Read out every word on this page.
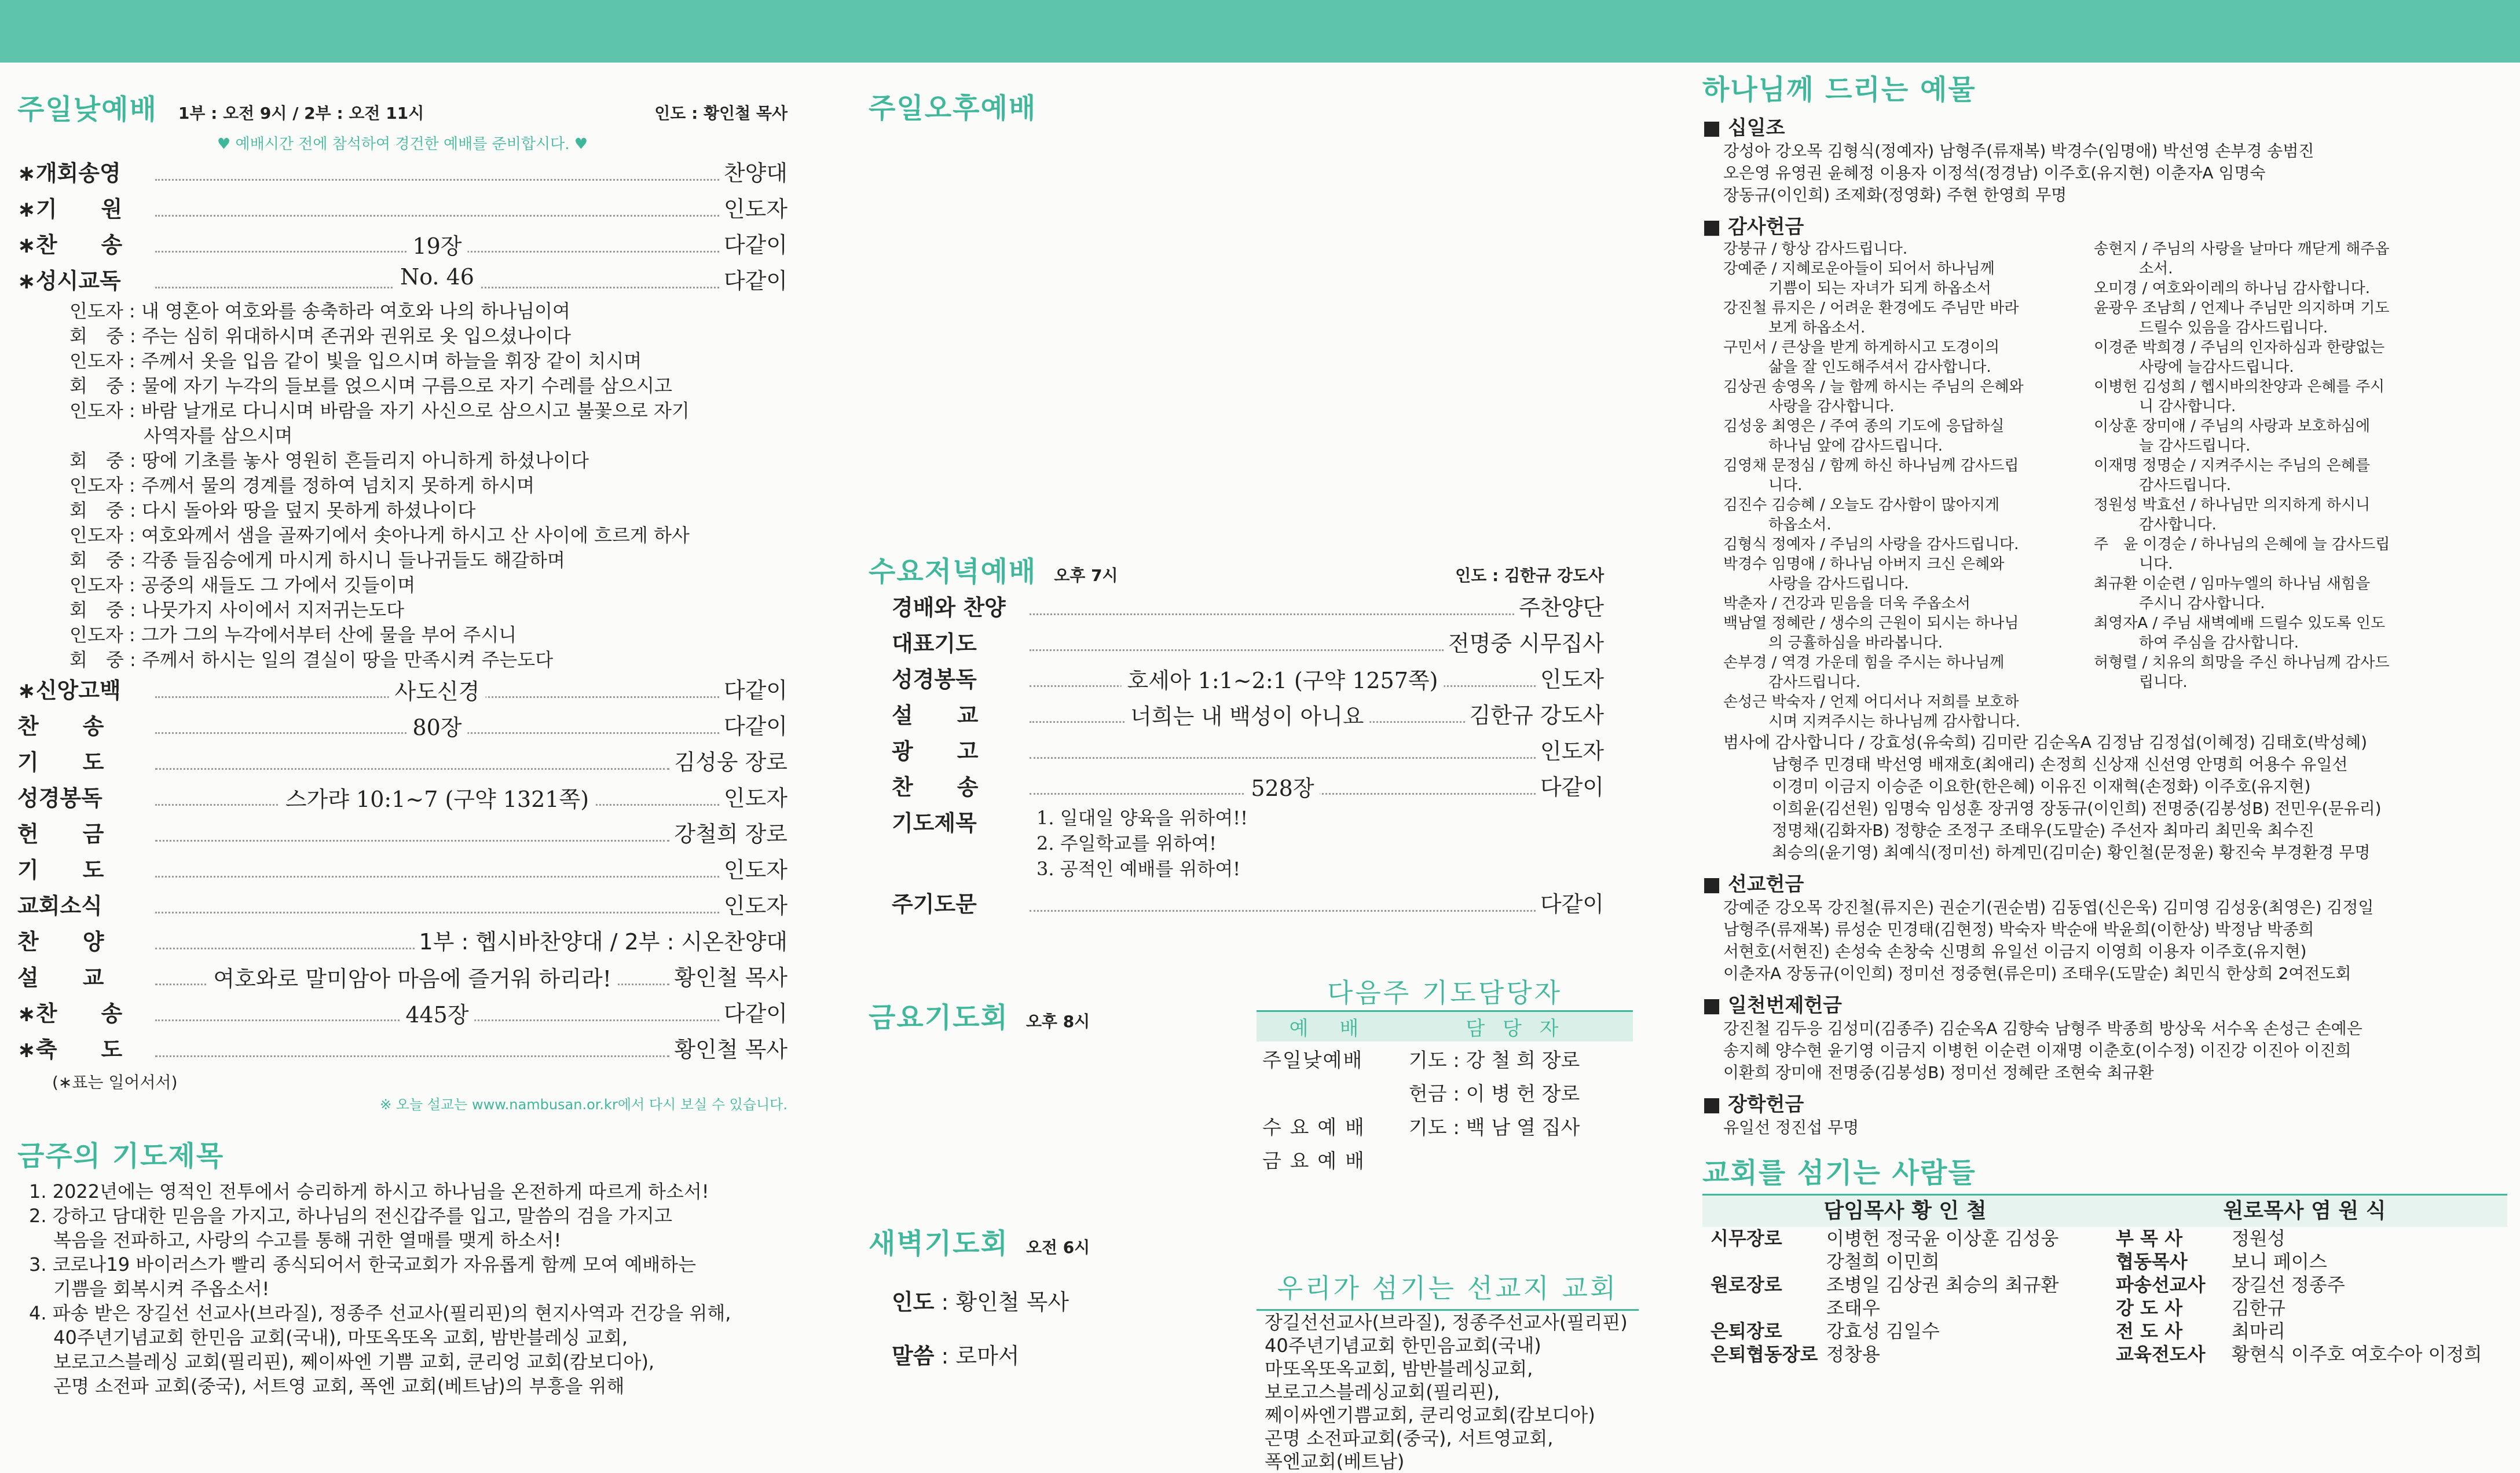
주일낮예배 1부 : 오전 9시 / 2부 : 오전 11시	인도 : 황인철 목사
♥ 예배시간 전에 참석하여 경건한 예배를 준비합시다. ♥
∗개회송영	찬양대
∗기　　원	인도자
∗찬　　송	19장	다같이
∗성시교독	No. 46	다같이
인도자 : 내 영혼아 여호와를 송축하라 여호와 나의 하나님이여
회　중 : 주는 심히 위대하시며 존귀와 권위로 옷 입으셨나이다
인도자 : 주께서 옷을 입음 같이 빛을 입으시며 하늘을 휘장 같이 치시며
회　중 : 물에 자기 누각의 들보를 얹으시며 구름으로 자기 수레를 삼으시고
인도자 : 바람 날개로 다니시며 바람을 자기 사신으로 삼으시고 불꽃으로 자기
　　　　사역자를 삼으시며
회　중 : 땅에 기초를 놓사 영원히 흔들리지 아니하게 하셨나이다
인도자 : 주께서 물의 경계를 정하여 넘치지 못하게 하시며
회　중 : 다시 돌아와 땅을 덮지 못하게 하셨나이다
인도자 : 여호와께서 샘을 골짜기에서 솟아나게 하시고 산 사이에 흐르게 하사
회　중 : 각종 들짐승에게 마시게 하시니 들나귀들도 해갈하며
인도자 : 공중의 새들도 그 가에서 깃들이며
회　중 : 나뭇가지 사이에서 지저귀는도다
인도자 : 그가 그의 누각에서부터 산에 물을 부어 주시니
회　중 : 주께서 하시는 일의 결실이 땅을 만족시켜 주는도다
∗신앙고백	사도신경	다같이
찬　　송	80장	다같이
기　　도	김성웅 장로
성경봉독	스가랴 10:1~7 (구약 1321쪽)	인도자
헌　　금	강철희 장로
기　　도	인도자
교회소식	인도자
찬　　양	1부 : 헵시바찬양대 / 2부 : 시온찬양대
설　　교	여호와로 말미암아 마음에 즐거워 하리라!	황인철 목사
∗찬　　송	445장	다같이
∗축　　도	황인철 목사
(∗표는 일어서서)
※ 오늘 설교는 www.nambusan.or.kr에서 다시 보실 수 있습니다.
금주의 기도제목
1. 2022년에는 영적인 전투에서 승리하게 하시고 하나님을 온전하게 따르게 하소서!
2. 강하고 담대한 믿음을 가지고, 하나님의 전신갑주를 입고, 말씀의 검을 가지고
　 복음을 전파하고, 사랑의 수고를 통해 귀한 열매를 맺게 하소서!
3. 코로나19 바이러스가 빨리 종식되어서 한국교회가 자유롭게 함께 모여 예배하는
　 기쁨을 회복시켜 주옵소서!
4. 파송 받은 장길선 선교사(브라질), 정종주 선교사(필리핀)의 현지사역과 건강을 위해,
　 40주년기념교회 한민음 교회(국내), 마또옥또옥 교회, 밤반블레싱 교회,
　 보로고스블레싱 교회(필리핀), 쩨이싸엔 기쁨 교회, 쿤리엉 교회(캄보디아),
　 곤명 소전파 교회(중국), 서트영 교회, 폭엔 교회(베트남)의 부흥을 위해
주일오후예배
수요저녁예배 오후 7시	인도 : 김한규 강도사
경배와 찬양	주찬양단
대표기도	전명중 시무집사
성경봉독	호세아 1:1~2:1 (구약 1257쪽)	인도자
설　　교	너희는 내 백성이 아니요	김한규 강도사
광　　고	인도자
찬　　송	528장	다같이
기도제목	1. 일대일 양육을 위하여!!
2. 주일학교를 위하여!
3. 공적인 예배를 위하여!
주기도문	다같이
금요기도회 오후 8시
새벽기도회 오전 6시
인도 : 황인철 목사
말씀 : 로마서
다음주 기도담당자
예　배	담 당 자
주일낮예배	기도 : 강 철 희 장로
	헌금 : 이 병 헌 장로
수 요 예 배	기도 : 백 남 열 집사
금 요 예 배	
우리가 섬기는 선교지 교회
장길선선교사(브라질), 정종주선교사(필리핀)
40주년기념교회 한민음교회(국내)
마또옥또옥교회, 밤반블레싱교회,
보로고스블레싱교회(필리핀),
쩨이싸엔기쁨교회, 쿤리엉교회(캄보디아)
곤명 소전파교회(중국), 서트영교회,
폭엔교회(베트남)
하나님께 드리는 예물
■ 십일조
강성아 강오목 김형식(정예자) 남형주(류재복) 박경수(임명애) 박선영 손부경 송범진
오은영 유영권 윤혜정 이용자 이정석(정경남) 이주호(유지현) 이춘자A 임명숙
장동규(이인희) 조제화(정영화) 주현 한영희 무명
■ 감사헌금
강붕규 / 항상 감사드립니다.
강예준 / 지혜로운아들이 되어서 하나님께
　　　기쁨이 되는 자녀가 되게 하옵소서
강진철 류지은 / 어려운 환경에도 주님만 바라
　　　보게 하옵소서.
구민서 / 큰상을 받게 하게하시고 도경이의
　　　삶을 잘 인도해주셔서 감사합니다.
김상권 송영옥 / 늘 함께 하시는 주님의 은혜와
　　　사랑을 감사합니다.
김성웅 최영은 / 주여 종의 기도에 응답하실
　　　하나님 앞에 감사드립니다.
김영채 문정심 / 함께 하신 하나님께 감사드립
　　　니다.
김진수 김승혜 / 오늘도 감사함이 많아지게
　　　하옵소서.
김형식 정예자 / 주님의 사랑을 감사드립니다.
박경수 임명애 / 하나님 아버지 크신 은혜와
　　　사랑을 감사드립니다.
박춘자 / 건강과 믿음을 더욱 주옵소서
백남열 정혜란 / 생수의 근원이 되시는 하나님
　　　의 긍휼하심을 바라봅니다.
손부경 / 역경 가운데 힘을 주시는 하나님께
　　　감사드립니다.
손성근 박숙자 / 언제 어디서나 저희를 보호하
　　　시며 지켜주시는 하나님께 감사합니다.
송현지 / 주님의 사랑을 날마다 깨닫게 해주옵
　　　소서.
오미경 / 여호와이레의 하나님 감사합니다.
윤광우 조남희 / 언제나 주님만 의지하며 기도
　　　드릴수 있음을 감사드립니다.
이경준 박희경 / 주님의 인자하심과 한량없는
　　　사랑에 늘감사드립니다.
이병헌 김성희 / 헵시바의찬양과 은혜를 주시
　　　니 감사합니다.
이상훈 장미애 / 주님의 사랑과 보호하심에
　　　늘 감사드립니다.
이재명 정명순 / 지켜주시는 주님의 은혜를
　　　감사드립니다.
정원성 박효선 / 하나님만 의지하게 하시니
　　　감사합니다.
주　윤 이경순 / 하나님의 은혜에 늘 감사드립
　　　니다.
최규환 이순련 / 임마누엘의 하나님 새힘을
　　　주시니 감사합니다.
최영자A / 주님 새벽예배 드릴수 있도록 인도
　　　하여 주심을 감사합니다.
허형렬 / 치유의 희망을 주신 하나님께 감사드
　　　립니다.
범사에 감사합니다 / 강효성(유숙희) 김미란 김순옥A 김정남 김정섭(이혜정) 김태호(박성혜)
　　　남형주 민경태 박선영 배재호(최애리) 손정희 신상재 신선영 안명희 어용수 유일선
　　　이경미 이금지 이승준 이요한(한은혜) 이유진 이재혁(손정화) 이주호(유지현)
　　　이희윤(김선원) 임명숙 임성훈 장귀영 장동규(이인희) 전명중(김봉성B) 전민우(문유리)
　　　정명채(김화자B) 정향순 조정구 조태우(도말순) 주선자 최마리 최민욱 최수진
　　　최승의(윤기영) 최예식(정미선) 하계민(김미순) 황인철(문정윤) 황진숙 부경환경 무명
■ 선교헌금
강예준 강오목 강진철(류지은) 권순기(권순범) 김동엽(신은욱) 김미영 김성웅(최영은) 김정일
남형주(류재복) 류성순 민경태(김현정) 박숙자 박순애 박윤희(이한상) 박정남 박종희
서현호(서현진) 손성숙 손창숙 신명희 유일선 이금지 이영희 이용자 이주호(유지현)
이춘자A 장동규(이인희) 정미선 정중현(류은미) 조태우(도말순) 최민식 한상희 2여전도회
■ 일천번제헌금
강진철 김두응 김성미(김종주) 김순옥A 김향숙 남형주 박종희 방상욱 서수옥 손성근 손예은
송지혜 양수현 윤기영 이금지 이병헌 이순련 이재명 이춘호(이수정) 이진강 이진아 이진희
이환희 장미애 전명중(김봉성B) 정미선 정혜란 조현숙 최규환
■ 장학헌금
유일선 정진섭 무명
교회를 섬기는 사람들
담임목사 황 인 철	원로목사 염 원 식
시무장로	이병헌 정국윤 이상훈 김성웅
강철희 이민희
원로장로	조병일 김상권 최승의 최규환
조태우
은퇴장로	강효성 김일수
은퇴협동장로 정창용
부 목 사	정원성
협동목사	보니 페이스
파송선교사	장길선 정종주
강 도 사	김한규
전 도 사	최마리
교육전도사	황현식 이주호 여호수아 이정희
